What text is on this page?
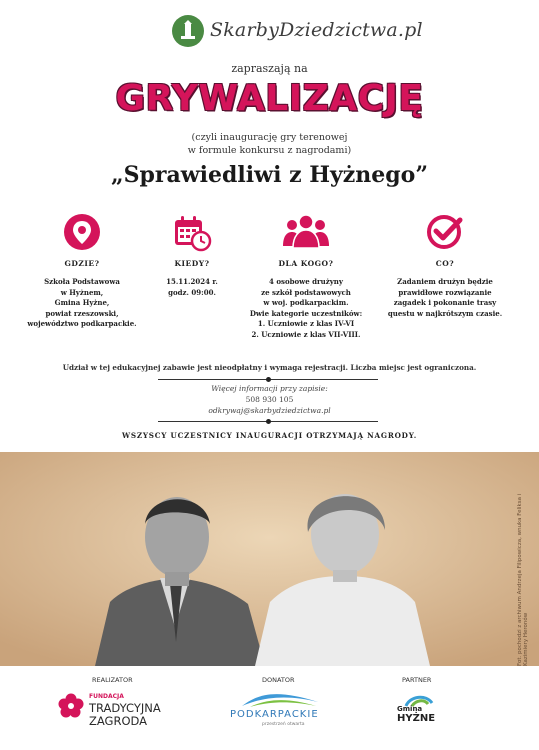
SkarbyDziedzictwa.pl
zapraszają na
GRYWALIZACJĘ
(czyli inaugurację gry terenowej
w formule konkursu z nagrodami)
„Sprawiedliwi z Hyżnego”
GDZIE?
Szkoła Podstawowa
w Hyżnem,
Gmina Hyżne,
powiat rzeszowski,
województwo podkarpackie.
KIEDY?
15.11.2024 r.
godz. 09:00.
DLA KOGO?
4 osobowe drużyny
ze szkół podstawowych
w woj. podkarpackim.
Dwie kategorie uczestników:
1. Uczniowie z klas IV-VI
2. Uczniowie z klas VII-VIII.
CO?
Zadaniem drużyn będzie
prawidłowe rozwiązanie
zagadek i pokonanie trasy
questu w najkrótszym czasie.
Udział w tej edukacyjnej zabawie jest nieodpłatny i wymaga rejestracji. Liczba miejsc jest ograniczona.
Więcej informacji przy zapisie:
508 930 105
odkrywaj@skarbydziedzictwa.pl
WSZYSCY UCZESTNICY INAUGURACJI OTRZYMAJĄ NAGRODY.
Fot. pochodzi z archiwum Andrzeja Filipowicza, wnuka Feliksa i Kazimiery Heronów
REALIZATOR
FUNDACJA
TRADYCYJNA
ZAGRODA
DONATOR
PODKARPACKIE
przestrzeń otwarta
PARTNER
Gmina
HYŻNE
